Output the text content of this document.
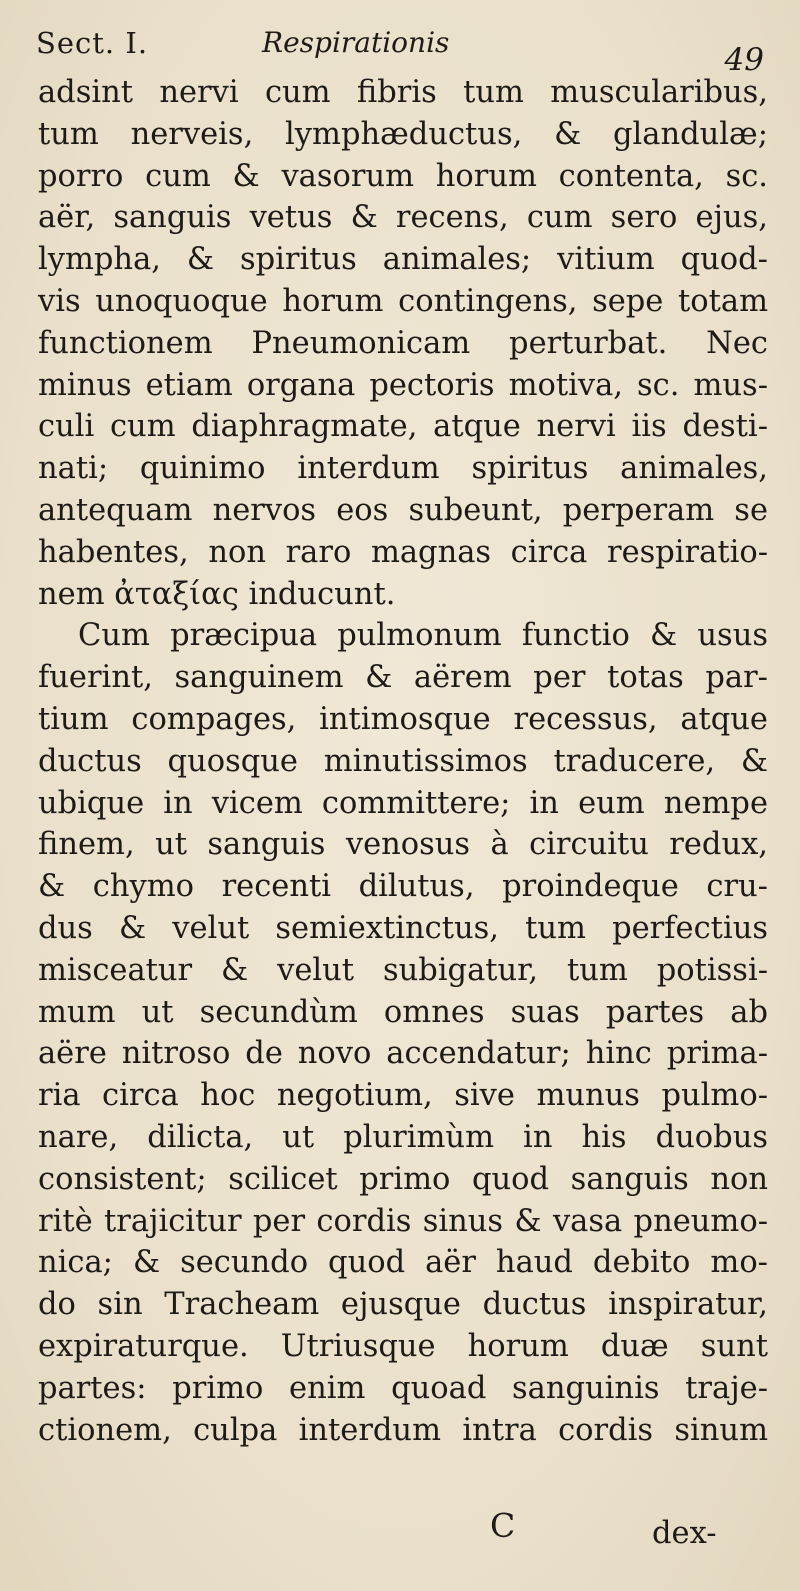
Sect. I.	Respirationis	49
adsint nervi cum fibris tum muscularibus,
tum nerveis, lymphæductus, & glandulæ;
porro cum & vasorum horum contenta, sc.
aër, sanguis vetus & recens, cum sero ejus,
lympha, & spiritus animales; vitium quod-
vis unoquoque horum contingens, sepe totam
functionem Pneumonicam perturbat. Nec
minus etiam organa pectoris motiva, sc. mus-
culi cum diaphragmate, atque nervi iis desti-
nati; quinimo interdum spiritus animales,
antequam nervos eos subeunt, perperam se
habentes, non raro magnas circa respiratio-
nem ἀταξίας inducunt.
Cum præcipua pulmonum functio & usus
fuerint, sanguinem & aërem per totas par-
tium compages, intimosque recessus, atque
ductus quosque minutissimos traducere, &
ubique in vicem committere; in eum nempe
finem, ut sanguis venosus à circuitu redux,
& chymo recenti dilutus, proindeque cru-
dus & velut semiextinctus, tum perfectius
misceatur & velut subigatur, tum potissi-
mum ut secundùm omnes suas partes ab
aëre nitroso de novo accendatur; hinc prima-
ria circa hoc negotium, sive munus pulmo-
nare, dilicta, ut plurimùm in his duobus
consistent; scilicet primo quod sanguis non
ritè trajicitur per cordis sinus & vasa pneumo-
nica; & secundo quod aër haud debito mo-
do sin Tracheam ejusque ductus inspiratur,
expiraturque. Utriusque horum duæ sunt
partes: primo enim quoad sanguinis traje-
ctionem, culpa interdum intra cordis sinum
C	dex-
